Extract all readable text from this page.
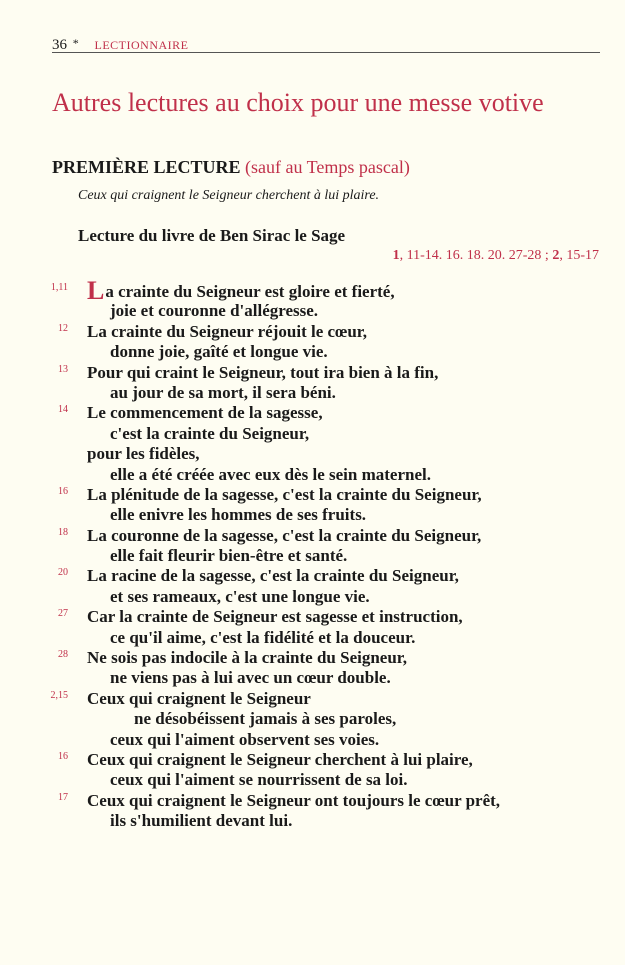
36 * LECTIONNAIRE
Autres lectures au choix pour une messe votive
PREMIÈRE LECTURE (sauf au Temps pascal)
Ceux qui craignent le Seigneur cherchent à lui plaire.
Lecture du livre de Ben Sirac le Sage
1, 11-14. 16. 18. 20. 27-28 ; 2, 15-17
1,11 La crainte du Seigneur est gloire et fierté,
joie et couronne d'allégresse.
12 La crainte du Seigneur réjouit le cœur,
donne joie, gaîté et longue vie.
13 Pour qui craint le Seigneur, tout ira bien à la fin,
au jour de sa mort, il sera béni.
14 Le commencement de la sagesse,
c'est la crainte du Seigneur,
pour les fidèles,
elle a été créée avec eux dès le sein maternel.
16 La plénitude de la sagesse, c'est la crainte du Seigneur,
elle enivre les hommes de ses fruits.
18 La couronne de la sagesse, c'est la crainte du Seigneur,
elle fait fleurir bien-être et santé.
20 La racine de la sagesse, c'est la crainte du Seigneur,
et ses rameaux, c'est une longue vie.
27 Car la crainte de Seigneur est sagesse et instruction,
ce qu'il aime, c'est la fidélité et la douceur.
28 Ne sois pas indocile à la crainte du Seigneur,
ne viens pas à lui avec un cœur double.
2,15 Ceux qui craignent le Seigneur
ne désobéissent jamais à ses paroles,
ceux qui l'aiment observent ses voies.
16 Ceux qui craignent le Seigneur cherchent à lui plaire,
ceux qui l'aiment se nourrissent de sa loi.
17 Ceux qui craignent le Seigneur ont toujours le cœur prêt,
ils s'humilient devant lui.
